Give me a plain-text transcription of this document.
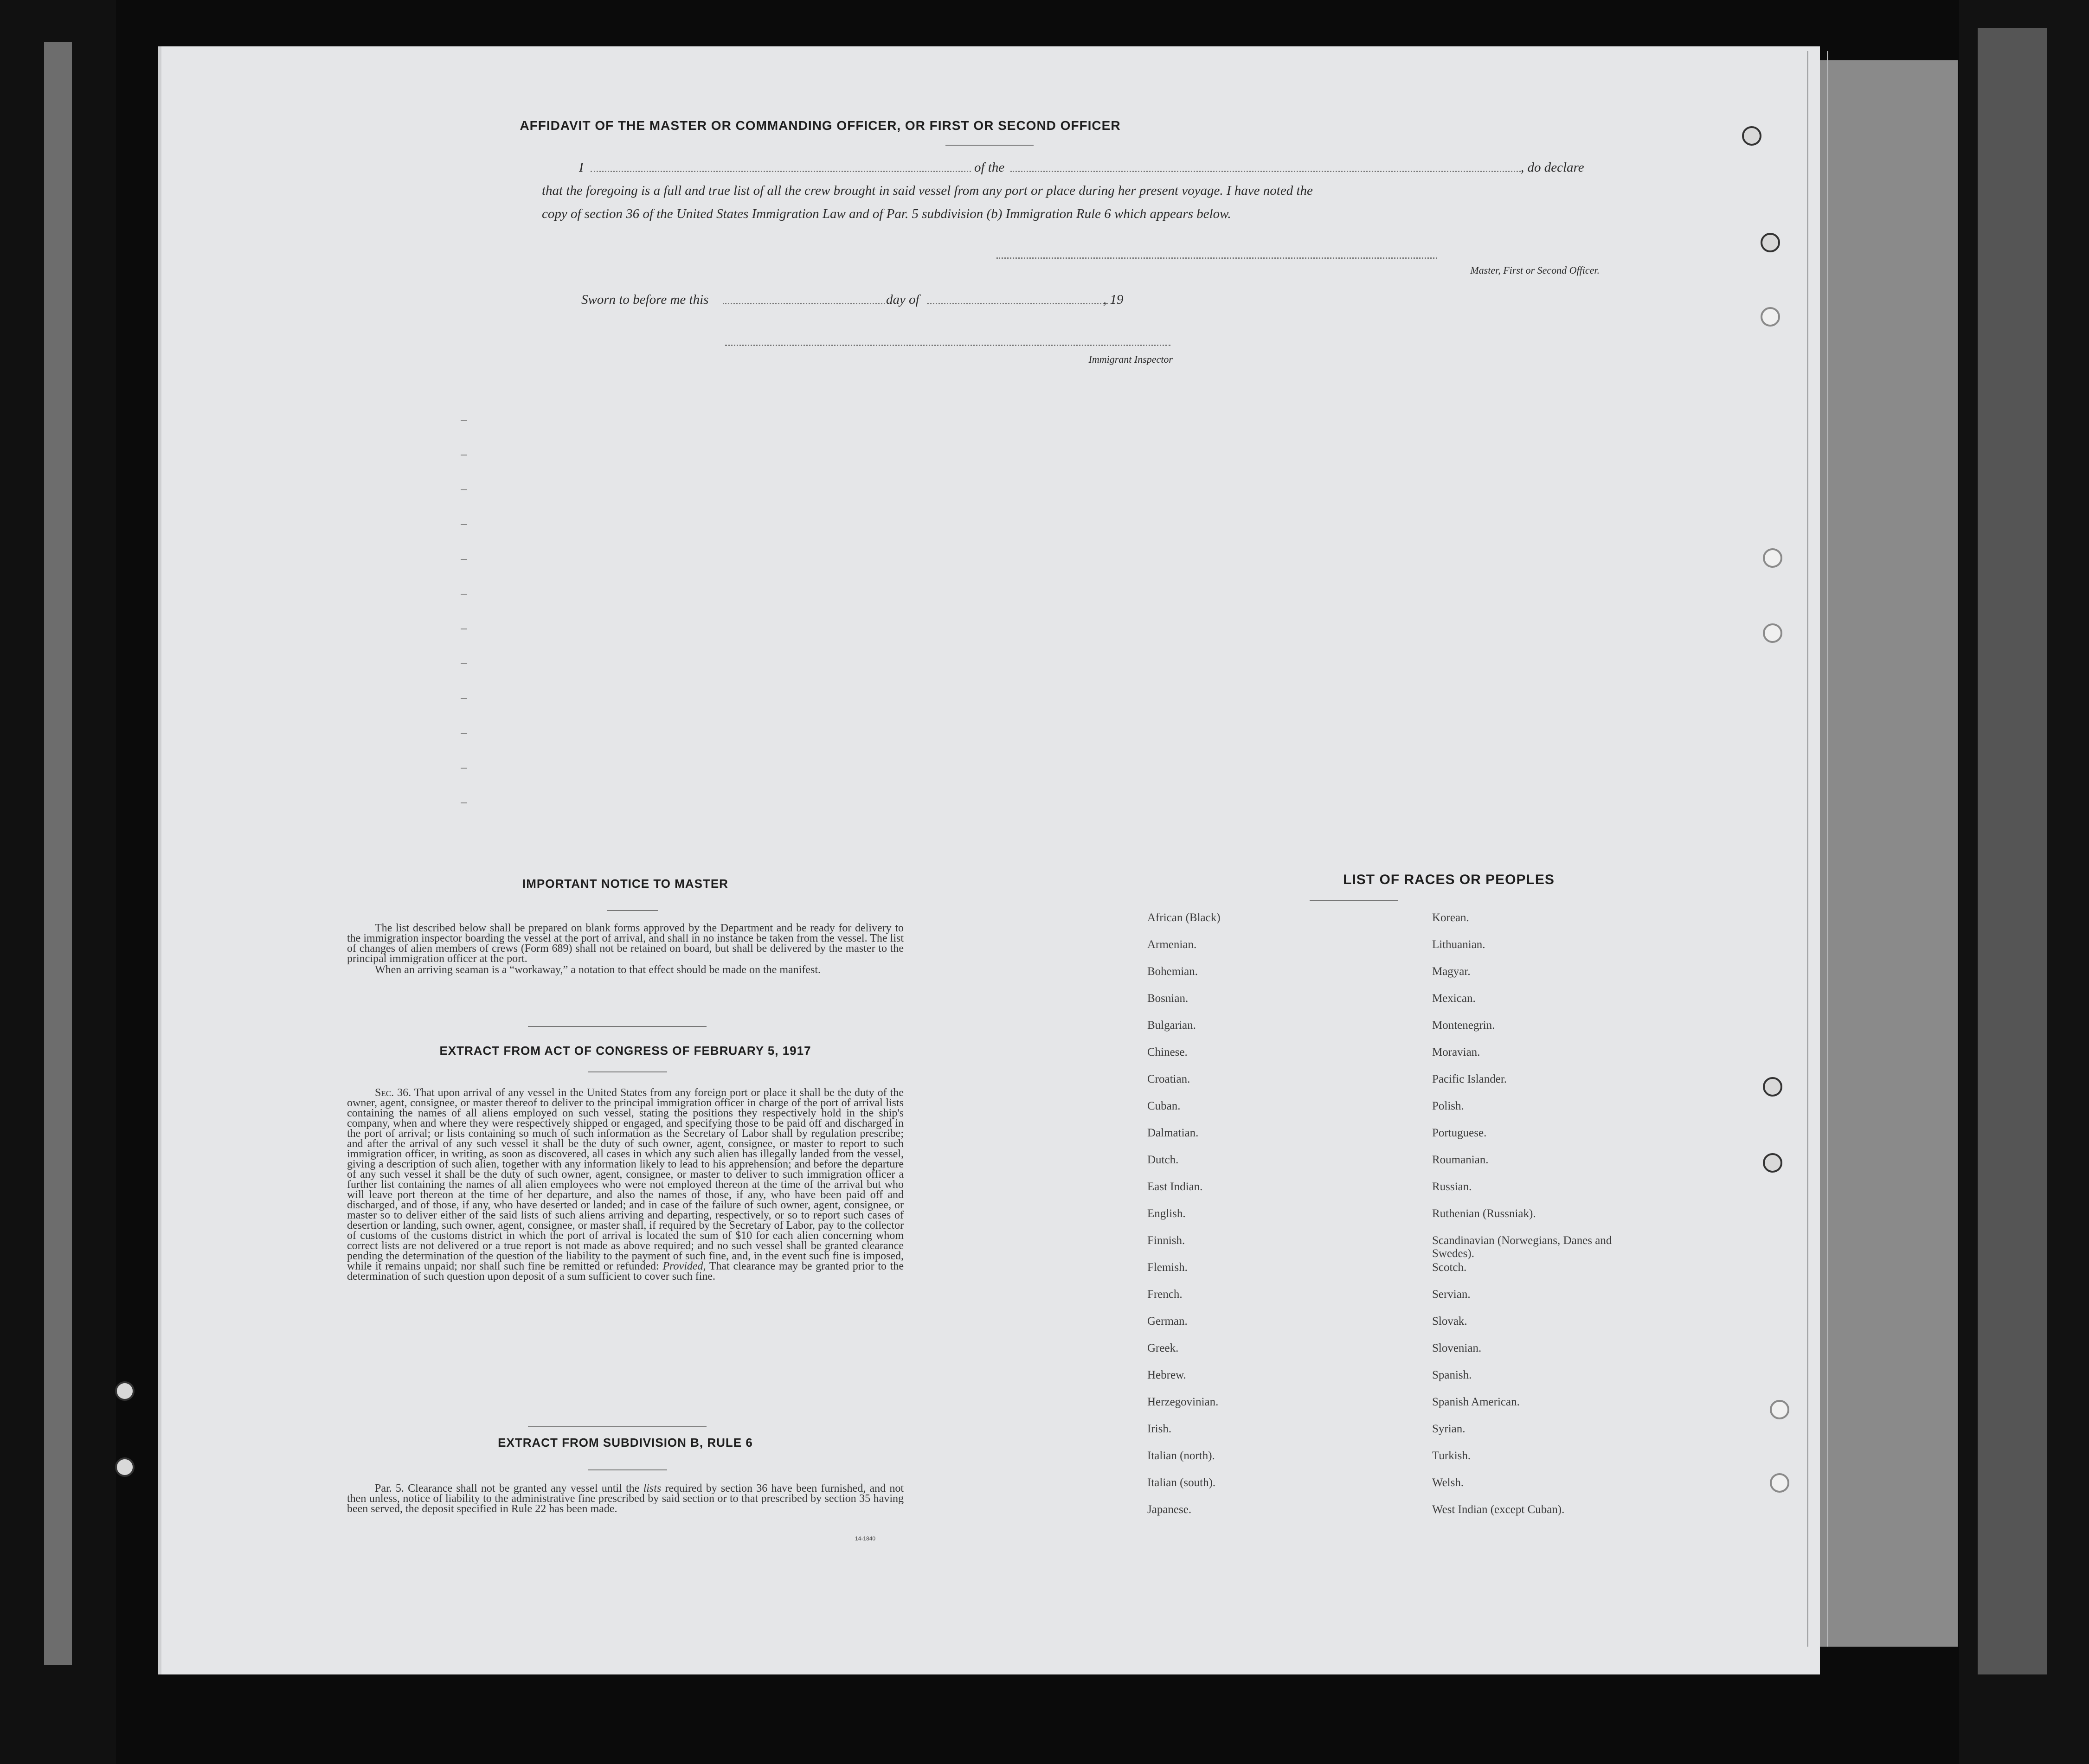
AFFIDAVIT OF THE MASTER OR COMMANDING OFFICER, OR FIRST OR SECOND OFFICER
I	of the	, do declare
that the foregoing is a full and true list of all the crew brought in said vessel from any port or place during her present voyage. I have noted the
copy of section 36 of the United States Immigration Law and of Par. 5 subdivision (b) Immigration Rule 6 which appears below.
Master, First or Second Officer.
Sworn to before me this	day of	, 19
Immigrant Inspector
IMPORTANT NOTICE TO MASTER
The list described below shall be prepared on blank forms approved by the Department and be ready for delivery to the immigration inspector boarding the vessel at the port of arrival, and shall in no instance be taken from the vessel. The list of changes of alien members of crews (Form 689) shall not be retained on board, but shall be delivered by the master to the principal immigration officer at the port.
When an arriving seaman is a “workaway,” a notation to that effect should be made on the manifest.
EXTRACT FROM ACT OF CONGRESS OF FEBRUARY 5, 1917
Sec. 36. That upon arrival of any vessel in the United States from any foreign port or place it shall be the duty of the owner, agent, consignee, or master thereof to deliver to the principal immigration officer in charge of the port of arrival lists containing the names of all aliens employed on such vessel, stating the positions they respectively hold in the ship's company, when and where they were respectively shipped or engaged, and specifying those to be paid off and discharged in the port of arrival; or lists containing so much of such information as the Secretary of Labor shall by regulation prescribe; and after the arrival of any such vessel it shall be the duty of such owner, agent, consignee, or master to report to such immigration officer, in writing, as soon as discovered, all cases in which any such alien has illegally landed from the vessel, giving a description of such alien, together with any information likely to lead to his apprehension; and before the departure of any such vessel it shall be the duty of such owner, agent, consignee, or master to deliver to such immigration officer a further list containing the names of all alien employees who were not employed thereon at the time of the arrival but who will leave port thereon at the time of her departure, and also the names of those, if any, who have been paid off and discharged, and of those, if any, who have deserted or landed; and in case of the failure of such owner, agent, consignee, or master so to deliver either of the said lists of such aliens arriving and departing, respectively, or so to report such cases of desertion or landing, such owner, agent, consignee, or master shall, if required by the Secretary of Labor, pay to the collector of customs of the customs district in which the port of arrival is located the sum of $10 for each alien concerning whom correct lists are not delivered or a true report is not made as above required; and no such vessel shall be granted clearance pending the determination of the question of the liability to the payment of such fine, and, in the event such fine is imposed, while it remains unpaid; nor shall such fine be remitted or refunded: Provided, That clearance may be granted prior to the determination of such question upon deposit of a sum sufficient to cover such fine.
EXTRACT FROM SUBDIVISION B, RULE 6
Par. 5. Clearance shall not be granted any vessel until the lists required by section 36 have been furnished, and not then unless, notice of liability to the administrative fine prescribed by said section or to that prescribed by section 35 having been served, the deposit specified in Rule 22 has been made.
14-1840
LIST OF RACES OR PEOPLES
African (Black)	Korean.
Armenian.	Lithuanian.
Bohemian.	Magyar.
Bosnian.	Mexican.
Bulgarian.	Montenegrin.
Chinese.	Moravian.
Croatian.	Pacific Islander.
Cuban.	Polish.
Dalmatian.	Portuguese.
Dutch.	Roumanian.
East Indian.	Russian.
English.	Ruthenian (Russniak).
Finnish.	Scandinavian (Norwegians, Danes and Swedes).
Flemish.	Scotch.
French.	Servian.
German.	Slovak.
Greek.	Slovenian.
Hebrew.	Spanish.
Herzegovinian.	Spanish American.
Irish.	Syrian.
Italian (north).	Turkish.
Italian (south).	Welsh.
Japanese.	West Indian (except Cuban).
